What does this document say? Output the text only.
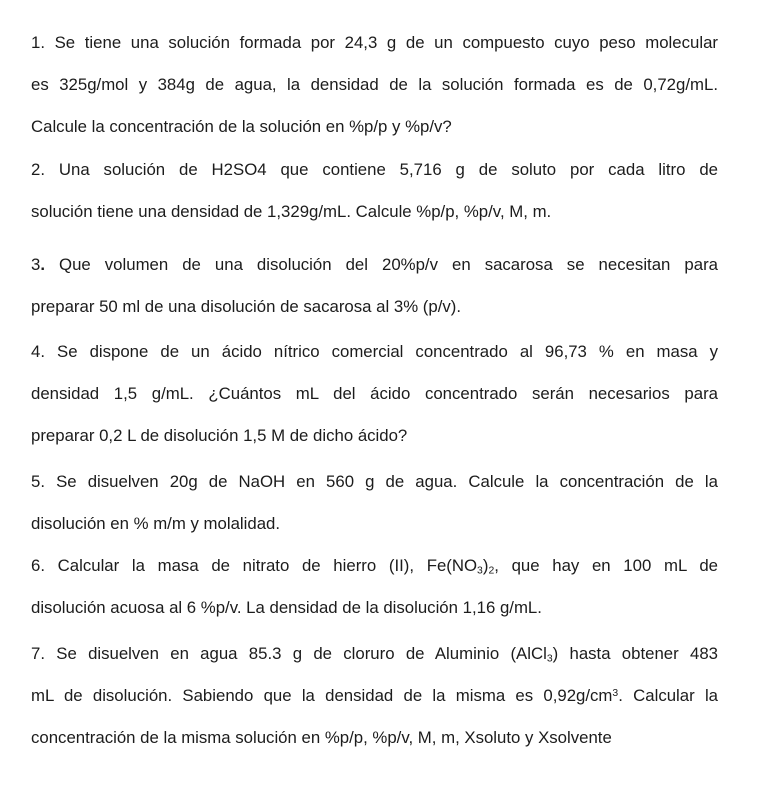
1. Se tiene una solución formada por 24,3 g de un compuesto cuyo peso molecular
es 325g/mol y 384g de agua, la densidad de la solución formada es de 0,72g/mL.
Calcule la concentración de la solución en %p/p y %p/v?
2. Una solución de H2SO4 que contiene 5,716 g de soluto por cada litro de
solución tiene una densidad de 1,329g/mL. Calcule %p/p, %p/v, M, m.
3. Que volumen de una disolución del 20%p/v en sacarosa se necesitan para
preparar 50 ml de una disolución de sacarosa al 3% (p/v).
4. Se dispone de un ácido nítrico comercial concentrado al 96,73 % en masa y
densidad 1,5 g/mL. ¿Cuántos mL del ácido concentrado serán necesarios para
preparar 0,2 L de disolución 1,5 M de dicho ácido?
5. Se disuelven 20g de NaOH en 560 g de agua. Calcule la concentración de la
disolución en % m/m y molalidad.
6. Calcular la masa de nitrato de hierro (II), $Fe(NO_3)_2$, que hay en 100 mL de
disolución acuosa al 6 %p/v. La densidad de la disolución 1,16 g/mL.
7. Se disuelven en agua 85.3 g de cloruro de Aluminio (AlCl$_3$) hasta obtener 483
mL de disolución. Sabiendo que la densidad de la misma es $0,92g/cm^3$. Calcular la
concentración de la misma solución en %p/p, %p/v, M, m, Xsoluto y Xsolvente
